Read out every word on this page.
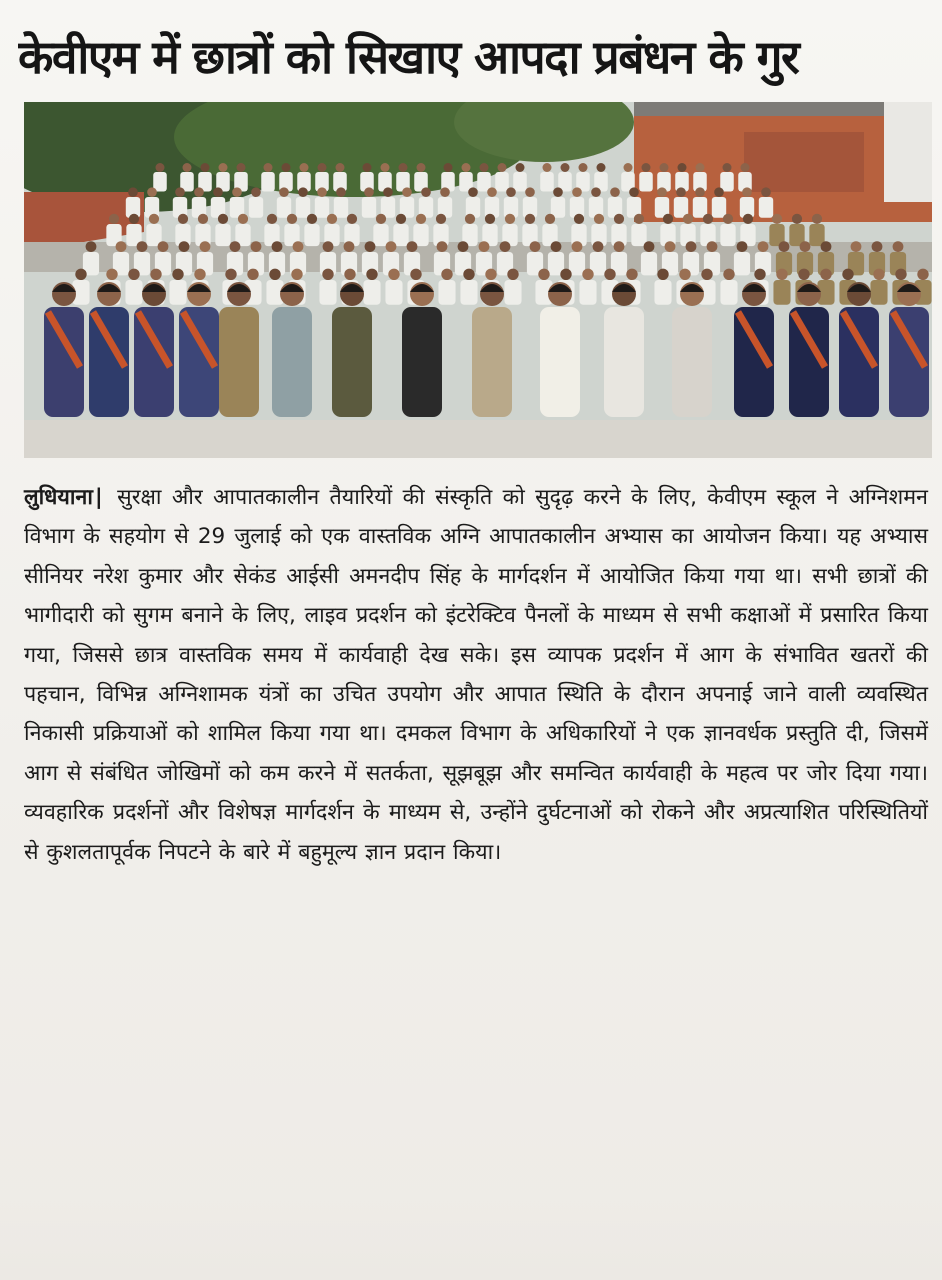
केवीएम में छात्रों को सिखाए आपदा प्रबंधन के गुर
लुधियाना| सुरक्षा और आपातकालीन तैयारियों की संस्कृति को सुदृढ़ करने के लिए, केवीएम स्कूल ने अग्निशमन विभाग के सहयोग से 29 जुलाई को एक वास्तविक अग्नि आपातकालीन अभ्यास का आयोजन किया। यह अभ्यास सीनियर नरेश कुमार और सेकंड आईसी अमनदीप सिंह के मार्गदर्शन में आयोजित किया गया था। सभी छात्रों की भागीदारी को सुगम बनाने के लिए, लाइव प्रदर्शन को इंटरेक्टिव पैनलों के माध्यम से सभी कक्षाओं में प्रसारित किया गया, जिससे छात्र वास्तविक समय में कार्यवाही देख सके। इस व्यापक प्रदर्शन में आग के संभावित खतरों की पहचान, विभिन्न अग्निशामक यंत्रों का उचित उपयोग और आपात स्थिति के दौरान अपनाई जाने वाली व्यवस्थित निकासी प्रक्रियाओं को शामिल किया गया था। दमकल विभाग के अधिकारियों ने एक ज्ञानवर्धक प्रस्तुति दी, जिसमें आग से संबंधित जोखिमों को कम करने में सतर्कता, सूझबूझ और समन्वित कार्यवाही के महत्व पर जोर दिया गया। व्यवहारिक प्रदर्शनों और विशेषज्ञ मार्गदर्शन के माध्यम से, उन्होंने दुर्घटनाओं को रोकने और अप्रत्याशित परिस्थितियों से कुशलतापूर्वक निपटने के बारे में बहुमूल्य ज्ञान प्रदान किया।
